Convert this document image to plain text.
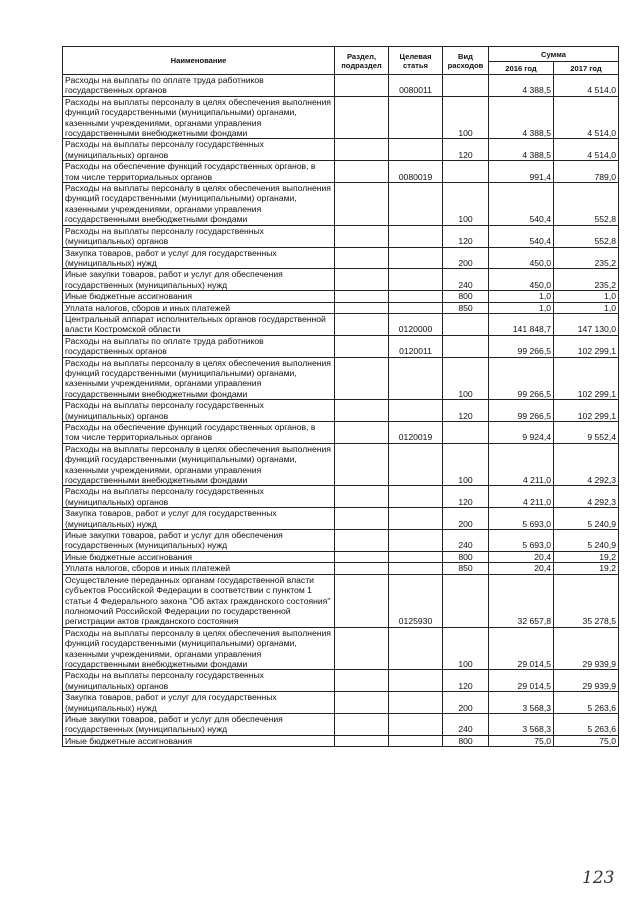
Наименование	Раздел, подраздел	Целевая статья	Вид расходов	Сумма	
				2016 год	2017 год
Расходы на выплаты по оплате труда работников государственных органов		0080011		4 388,5	4 514,0
Расходы на выплаты персоналу в целях обеспечения выполнения функций государственными (муниципальными) органами, казенными учреждениями, органами управления государственными внебюджетными фондами			100	4 388,5	4 514,0
Расходы на выплаты персоналу государственных (муниципальных) органов			120	4 388,5	4 514,0
Расходы на обеспечение функций государственных органов, в том числе территориальных органов		0080019		991,4	789,0
Расходы на выплаты персоналу в целях обеспечения выполнения функций государственными (муниципальными) органами, казенными учреждениями, органами управления государственными внебюджетными фондами			100	540,4	552,8
Расходы на выплаты персоналу государственных (муниципальных) органов			120	540,4	552,8
Закупка товаров, работ и услуг для государственных (муниципальных) нужд			200	450,0	235,2
Иные закупки товаров, работ и услуг для обеспечения государственных (муниципальных) нужд			240	450,0	235,2
Иные бюджетные ассигнования			800	1,0	1,0
Уплата налогов, сборов и иных платежей			850	1,0	1,0
Центральный аппарат исполнительных органов государственной власти Костромской области		0120000		141 848,7	147 130,0
Расходы на выплаты по оплате труда работников государственных органов		0120011		99 266,5	102 299,1
Расходы на выплаты персоналу в целях обеспечения выполнения функций государственными (муниципальными) органами, казенными учреждениями, органами управления государственными внебюджетными фондами			100	99 266,5	102 299,1
Расходы на выплаты персоналу государственных (муниципальных) органов			120	99 266,5	102 299,1
Расходы на обеспечение функций государственных органов, в том числе территориальных органов		0120019		9 924,4	9 552,4
Расходы на выплаты персоналу в целях обеспечения выполнения функций государственными (муниципальными) органами, казенными учреждениями, органами управления государственными внебюджетными фондами			100	4 211,0	4 292,3
Расходы на выплаты персоналу государственных (муниципальных) органов			120	4 211,0	4 292,3
Закупка товаров, работ и услуг для государственных (муниципальных) нужд			200	5 693,0	5 240,9
Иные закупки товаров, работ и услуг для обеспечения государственных (муниципальных) нужд			240	5 693,0	5 240,9
Иные бюджетные ассигнования			800	20,4	19,2
Уплата налогов, сборов и иных платежей			850	20,4	19,2
Осуществление переданных органам государственной власти субъектов Российской Федерации в соответствии с пунктом 1 статьи 4 Федерального закона "Об актах гражданского состояния" полномочий Российской Федерации по государственной регистрации актов гражданского состояния		0125930		32 657,8	35 278,5
Расходы на выплаты персоналу в целях обеспечения выполнения функций государственными (муниципальными) органами, казенными учреждениями, органами управления государственными внебюджетными фондами			100	29 014,5	29 939,9
Расходы на выплаты персоналу государственных (муниципальных) органов			120	29 014,5	29 939,9
Закупка товаров, работ и услуг для государственных (муниципальных) нужд			200	3 568,3	5 263,6
Иные закупки товаров, работ и услуг для обеспечения государственных (муниципальных) нужд			240	3 568,3	5 263,6
Иные бюджетные ассигнования			800	75,0	75,0
123
